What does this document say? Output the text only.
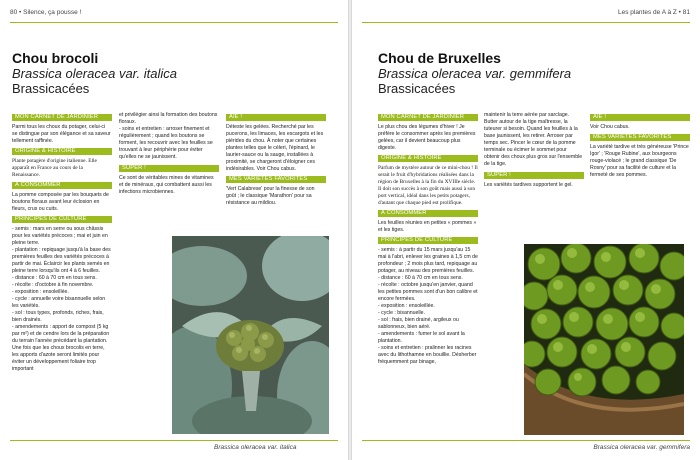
80 • Silence, ça pousse !
Chou brocoli
Brassica oleracea var. italica
Brassicacées
MON CARNET DE JARDINIER

Parmi tous les choux du potager, celui-ci se distingue par son élégance et sa saveur tellement raffinée.

ORIGINE & HISTOIRE

Plante potagère d'origine italienne. Elle apparaît en France au cours de la Renaissance.

À CONSOMMER

La pomme composée par les bouquets de boutons floraux avant leur éclosion en fleurs, crus ou cuits.

PRINCIPES DE CULTURE

- semis : mars en serre ou sous châssis pour les variétés précoces ; mai et juin en pleine terre.
- plantation : repiquage jusqu'à la base des premières feuilles des variétés précoces à partir de mai. Éclaircir les plants semés en pleine terre lorsqu'ils ont 4 à 6 feuilles.
- distance : 60 à 70 cm en tous sens.
- récolte : d'octobre à fin novembre.
- exposition : ensoleillée.
- cycle : annuelle voire bisannuelle selon les variétés.
- sol : tous types, profonds, riches, frais, bien drainés.
- amendements : apport de compost (5 kg par m²) et de cendre lors de la préparation du terrain l'année précédant la plantation. Une fois que les choux brocolis en terre, les apports d'azote seront limités pour éviter un développement foliaire trop important

et privilégier ainsi la formation des boutons floraux.
- soins et entretien : arroser finement et régulièrement ; quand les boutons se forment, les recouvrir avec les feuilles se trouvant à leur périphérie pour éviter qu'elles ne se jaunissent.

SUPER !

Ce sont de véritables mines de vitamines et de minéraux, qui combattent aussi les infections microbiennes.

AÏE !

Déteste les gelées. Recherché par les pucerons, les limaces, les escargots et les piérides du chou. À noter que certaines plantes telles que le céleri, l'épinard, le laurier-sauce ou la sauge, installées à proximité, se chargeront d'éloigner ces indésirables. Voir Chou cabus.

MES VARIÉTÉS FAVORITES

'Vert Calabrese' pour la finesse de son goût ; le classique 'Marathon' pour sa résistance au mildiou.

Brassica oleracea var. italica
Les plantes de A à Z • 81
Chou de Bruxelles
Brassica oleracea var. gemmifera
Brassicacées
MON CARNET DE JARDINIER

Le plus chou des légumes d'hiver ! Je préfère le consommer après les premières gelées, car il devient beaucoup plus digeste.

ORIGINE & HISTOIRE

Parfum de mystère autour de ce mini-chou ! Il serait le fruit d'hybridations réalisées dans la région de Bruxelles à la fin du XVIIIe siècle. Il doit son succès à son goût mais aussi à son port vertical, idéal dans les petits potagers, d'autant que chaque pied est prolifique.

À CONSOMMER

Les feuilles réunies en petites « pommes » et les tiges.

PRINCIPES DE CULTURE

- semis : à partir du 15 mars jusqu'au 15 mai à l'abri, enlever les graines à 1,5 cm de profondeur ; 2 mois plus tard, repiquage au potager, au niveau des premières feuilles.
- distance : 60 à 70 cm en tous sens.
- récolte : octobre jusqu'en janvier, quand les petites pommes sont d'un bon calibre et encore fermées.
- exposition : ensoleillée.
- cycle : bisannuelle.
- sol : frais, bien drainé, argileux ou sablonneux, bien aéré.
- amendements : fumer le sol avant la plantation.
- soins et entretien : pralinner les racines avec du lithothamne en bouillie. Désherber fréquemment par binage,

maintenir la terre aérée par sarclage. Butter autour de la tige maîtresse, la tuteurer si besoin. Quand les feuilles à la base jaunissent, les retirer. Arroser par temps sec. Pincer le cœur de la pomme terminale ou écimer le sommet pour obtenir des choux plus gros sur l'ensemble de la tige.

SUPER !

Les variétés tardives supportent le gel.

AÏE !

Voir Chou cabus.

MES VARIÉTÉS FAVORITES

La variété tardive et très généreuse 'Prince Igor' ; 'Rouge Rubine', aux bourgeons rouge-violacé ; le grand classique 'De Rosny' pour sa facilité de culture et la fermeté de ses pommes.

Brassica oleracea var. gemmifera
